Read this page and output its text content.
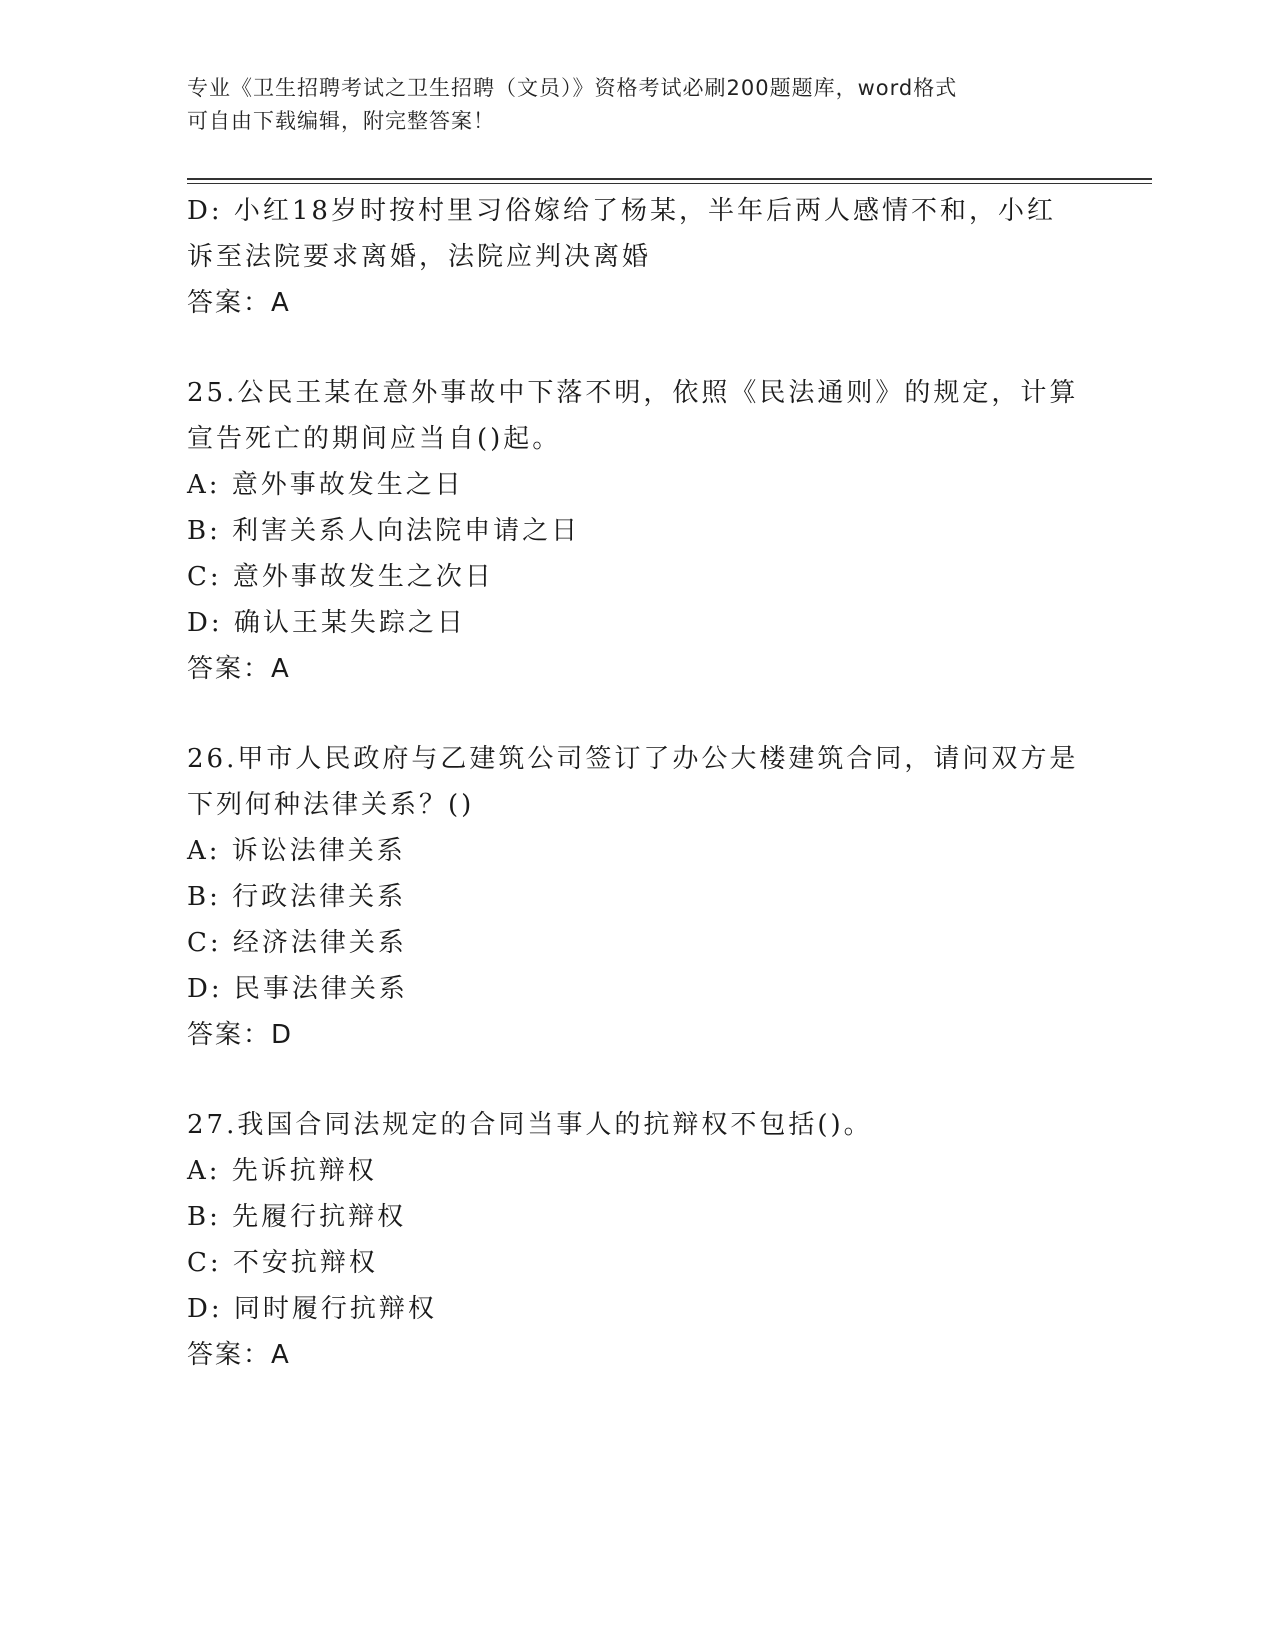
专业《卫生招聘考试之卫生招聘（文员）》资格考试必刷200题题库，word格式
可自由下载编辑，附完整答案！
D: 小红18岁时按村里习俗嫁给了杨某，半年后两人感情不和，小红
诉至法院要求离婚，法院应判决离婚
答案：A
25.公民王某在意外事故中下落不明，依照《民法通则》的规定，计算
宣告死亡的期间应当自()起。
A: 意外事故发生之日
B: 利害关系人向法院申请之日
C: 意外事故发生之次日
D: 确认王某失踪之日
答案：A
26.甲市人民政府与乙建筑公司签订了办公大楼建筑合同，请问双方是
下列何种法律关系？()
A: 诉讼法律关系
B: 行政法律关系
C: 经济法律关系
D: 民事法律关系
答案：D
27.我国合同法规定的合同当事人的抗辩权不包括()。
A: 先诉抗辩权
B: 先履行抗辩权
C: 不安抗辩权
D: 同时履行抗辩权
答案：A
